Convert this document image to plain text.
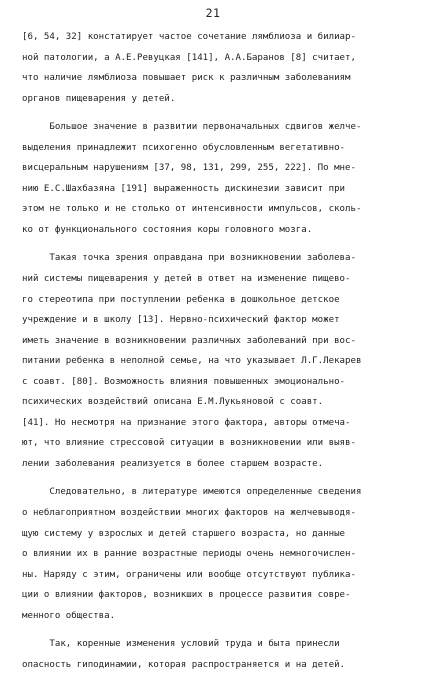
21
[6, 54, 32] констатирует частое сочетание лямблиоза и билиар-
ной патологии, а А.Е.Ревуцкая [141], А.А.Баранов [8] считает,
что наличие лямблиоза повышает риск к различным заболеваниям
органов пищеварения у детей.
Большое значение в развитии первоначальных сдвигов желче-
выделения принадлежит психогенно обусловленным вегетативно-
висцеральным нарушениям [37, 98, 131, 299, 255, 222]. По мне-
нию Е.С.Шахбазяна [191] выраженность дискинезии зависит при
этом не только и не столько от интенсивности импульсов, сколь-
ко от функционального состояния коры головного мозга.
Такая точка зрения оправдана при возникновении заболева-
ний системы пищеварения у детей в ответ на изменение пищево-
го стереотипа при поступлении ребенка в дошкольное детское
учреждение и в школу [13]. Нервно-психический фактор может
иметь значение в возникновении различных заболеваний при вос-
питании ребенка в неполной семье, на что указывает Л.Г.Лекарев
с соавт. [80]. Возможность влияния повышенных эмоционально-
психических воздействий описана Е.М.Лукьяновой с соавт.
[41]. Но несмотря на признание этого фактора, авторы отмеча-
ют, что влияние стрессовой ситуации в возникновении или выяв-
лении заболевания реализуется в более старшем возрасте.
Следовательно, в литературе имеются определенные сведения
о неблагоприятном воздействии многих факторов на желчевыводя-
щую систему у взрослых и детей старшего возраста, но данные
о влиянии их в ранние возрастные периоды очень немногочислен-
ны. Наряду с этим, ограничены или вообще отсутствуют публика-
ции о влиянии факторов, возникших в процессе развития совре-
менного общества.
Так, коренные изменения условий труда и быта принесли
опасность гиподинамии, которая распространяется и на детей.
